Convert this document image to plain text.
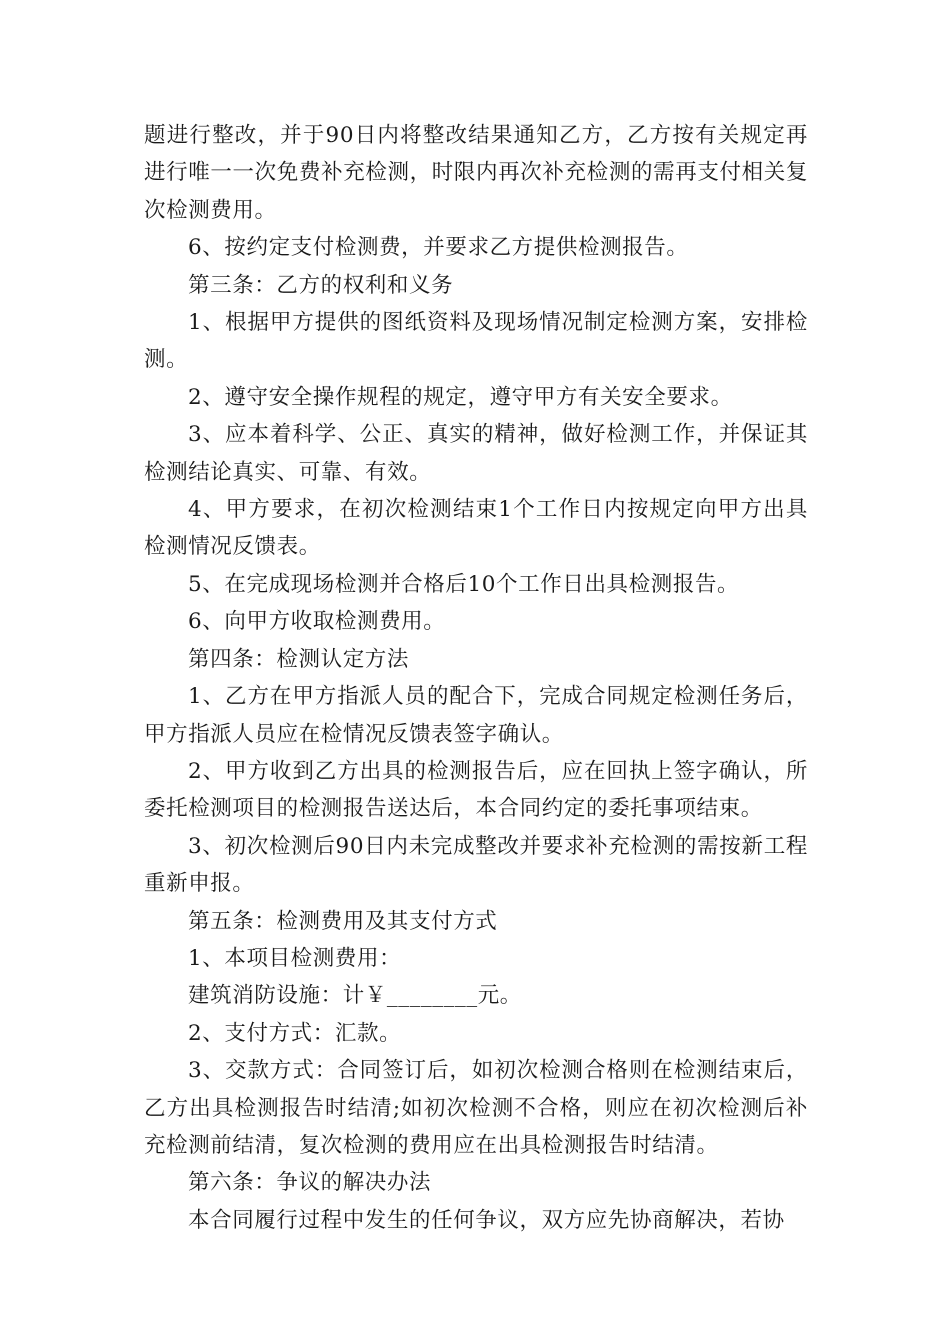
题进行整改，并于90日内将整改结果通知乙方，乙方按有关规定再进行唯一一次免费补充检测，时限内再次补充检测的需再支付相关复次检测费用。

6、按约定支付检测费，并要求乙方提供检测报告。

第三条：乙方的权利和义务

1、根据甲方提供的图纸资料及现场情况制定检测方案，安排检测。

2、遵守安全操作规程的规定，遵守甲方有关安全要求。

3、应本着科学、公正、真实的精神，做好检测工作，并保证其检测结论真实、可靠、有效。

4、甲方要求，在初次检测结束1个工作日内按规定向甲方出具检测情况反馈表。

5、在完成现场检测并合格后10个工作日出具检测报告。

6、向甲方收取检测费用。

第四条：检测认定方法

1、乙方在甲方指派人员的配合下，完成合同规定检测任务后，甲方指派人员应在检情况反馈表签字确认。

2、甲方收到乙方出具的检测报告后，应在回执上签字确认，所委托检测项目的检测报告送达后，本合同约定的委托事项结束。

3、初次检测后90日内未完成整改并要求补充检测的需按新工程重新申报。

第五条：检测费用及其支付方式

1、本项目检测费用：

建筑消防设施：计￥________元。

2、支付方式：汇款。

3、交款方式：合同签订后，如初次检测合格则在检测结束后，乙方出具检测报告时结清;如初次检测不合格，则应在初次检测后补充检测前结清，复次检测的费用应在出具检测报告时结清。

第六条：争议的解决办法

本合同履行过程中发生的任何争议，双方应先协商解决，若协
